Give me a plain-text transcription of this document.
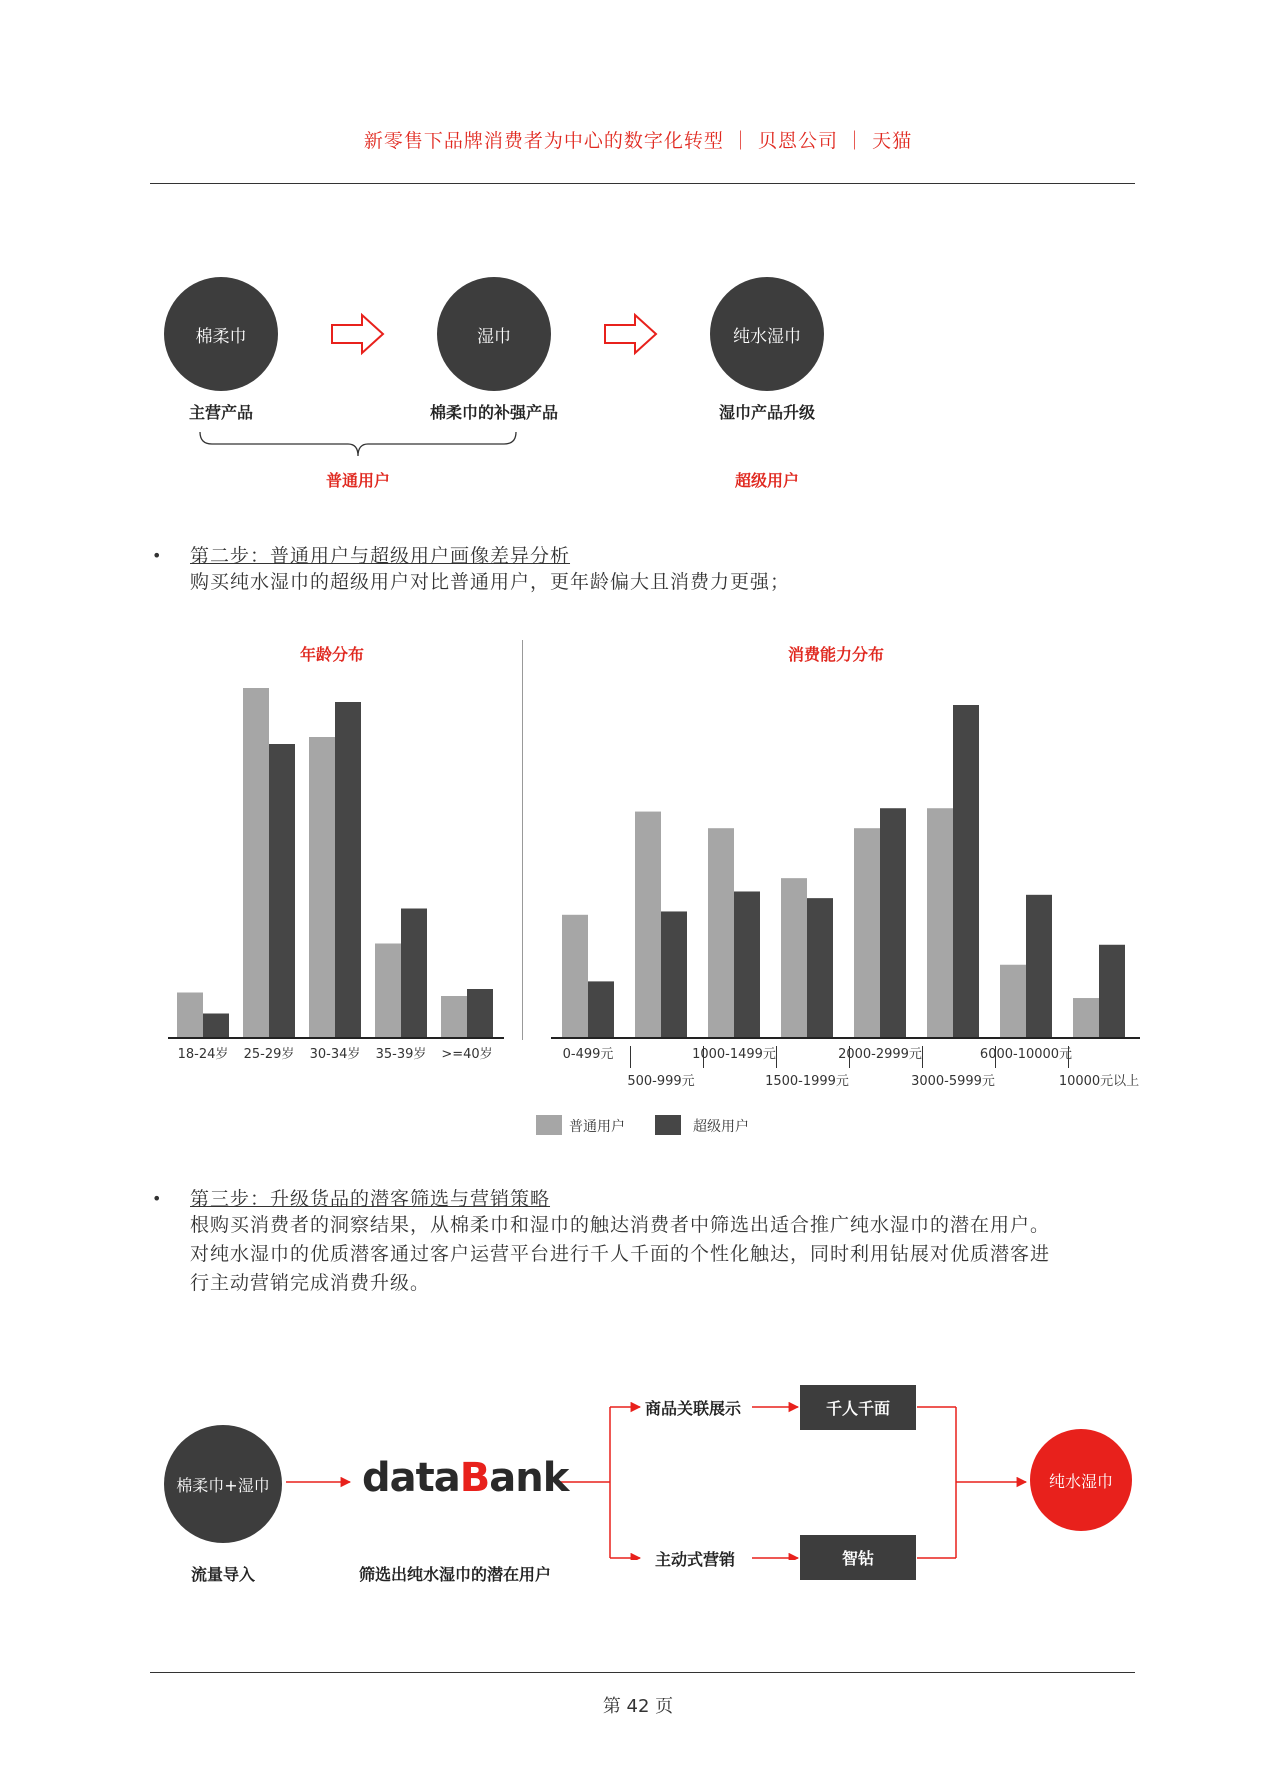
新零售下品牌消费者为中心的数字化转型 ｜ 贝恩公司 ｜ 天猫
棉柔巾	湿巾	纯水湿巾
主营产品	棉柔巾的补强产品	湿巾产品升级
普通用户	超级用户
• 第二步：普通用户与超级用户画像差异分析
购买纯水湿巾的超级用户对比普通用户，更年龄偏大且消费力更强；
年龄分布	消费能力分布
18-24岁 25-29岁 30-34岁 35-39岁 >=40岁	0-499元
500-999元
1000-1499元
1500-1999元
2000-2999元
3000-5999元
6000-10000元
10000元以上
普通用户	超级用户
• 第三步：升级货品的潜客筛选与营销策略
根购买消费者的洞察结果，从棉柔巾和湿巾的触达消费者中筛选出适合推广纯水湿巾的潜在用户。
对纯水湿巾的优质潜客通过客户运营平台进行千人千面的个性化触达，同时利用钻展对优质潜客进
行主动营销完成消费升级。
棉柔巾+湿巾
流量导入
dataBank
筛选出纯水湿巾的潜在用户
商品关联展示
主动式营销
千人千面
智钻
纯水湿巾
第 42 页
